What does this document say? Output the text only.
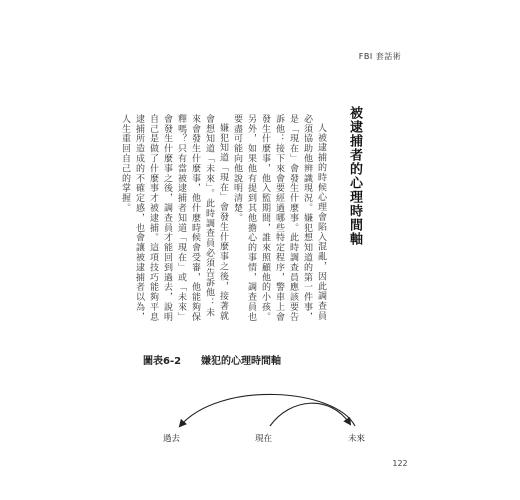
FBI 套話術
被逮捕者的心理時間軸

人被逮捕的時候心理會陷入混亂，因此調查員必須協助他辨識現況。嫌犯想知道的第一件事，是「現在」會發生什麼事。此時調查員應該要告訴他：接下來會要經過哪些特定程序，警車上會發生什麼事，他入監期間，誰來照顧他的小孩。另外，如果他有提到其他擔心的事情，調查員也要盡可能向他說明清楚。

嫌犯知道「現在」會發生什麼事之後，接著就會想知道「未來」。此時調查員必須告訴他：未來會發生什麼事，他什麼時候會受審，他能夠保釋嗎？只有當被逮捕者知道「現在」或「未來」會發生什麼事之後，調查員才能回到過去，說明自己是做了什麼事才被逮捕。這項技巧能夠平息逮捕所造成的不確定感，也會讓被逮捕者以為，人生重回自己的掌握。

圖表6-2 嫌犯的心理時間軸
過去	現在	未來
122
